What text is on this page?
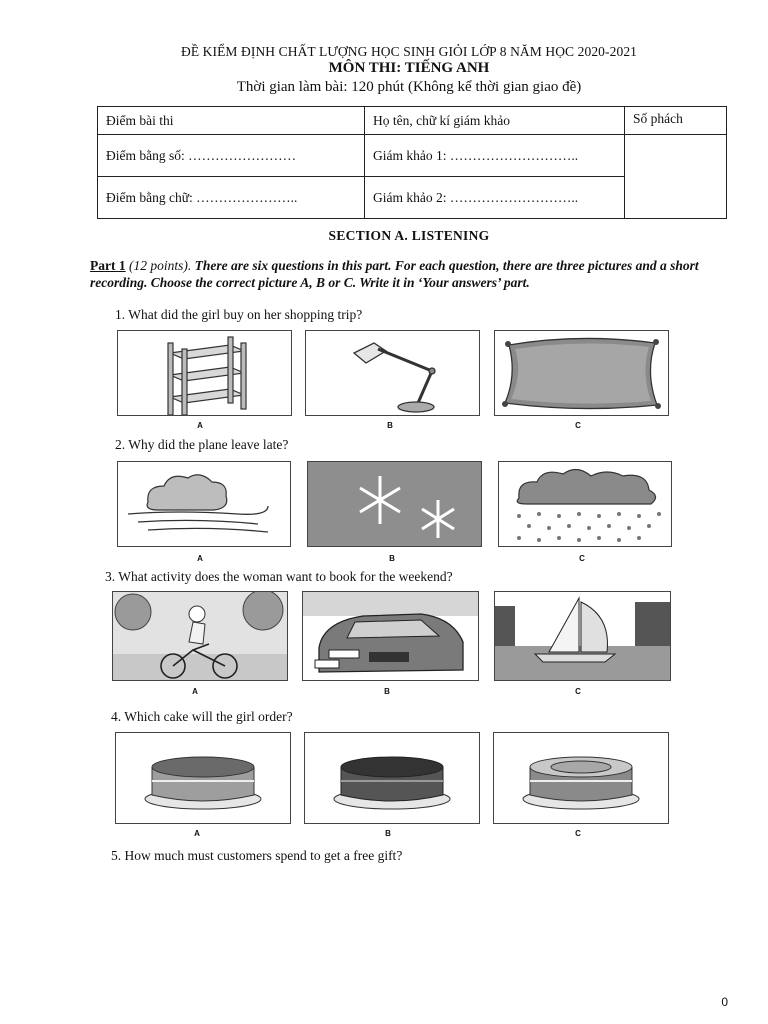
ĐỀ KIỂM ĐỊNH CHẤT LƯỢNG HỌC SINH GIỎI LỚP 8 NĂM HỌC 2020-2021
MÔN THI: TIẾNG ANH
Thời gian làm bài: 120 phút (Không kể thời gian giao đề)
Điểm bài thi	Họ tên, chữ kí giám khảo	Số phách
Điểm bằng số: ……………………	Giám khảo 1: ………………………..	
Điểm bằng chữ: …………………..	Giám khảo 2: ………………………..	
SECTION A. LISTENING
Part 1 (12 points). There are six questions in this part. For each question, there are three pictures and a short recording. Choose the correct picture A, B or C. Write it in ‘Your answers’ part.
1. What did the girl buy on her shopping trip?
A	B	C
2. Why did the plane leave late?
A	B	C
3. What activity does the woman want to book for the weekend?
A	B	C
4. Which cake will the girl order?
A	B	C
5. How much must customers spend to get a free gift?
0
